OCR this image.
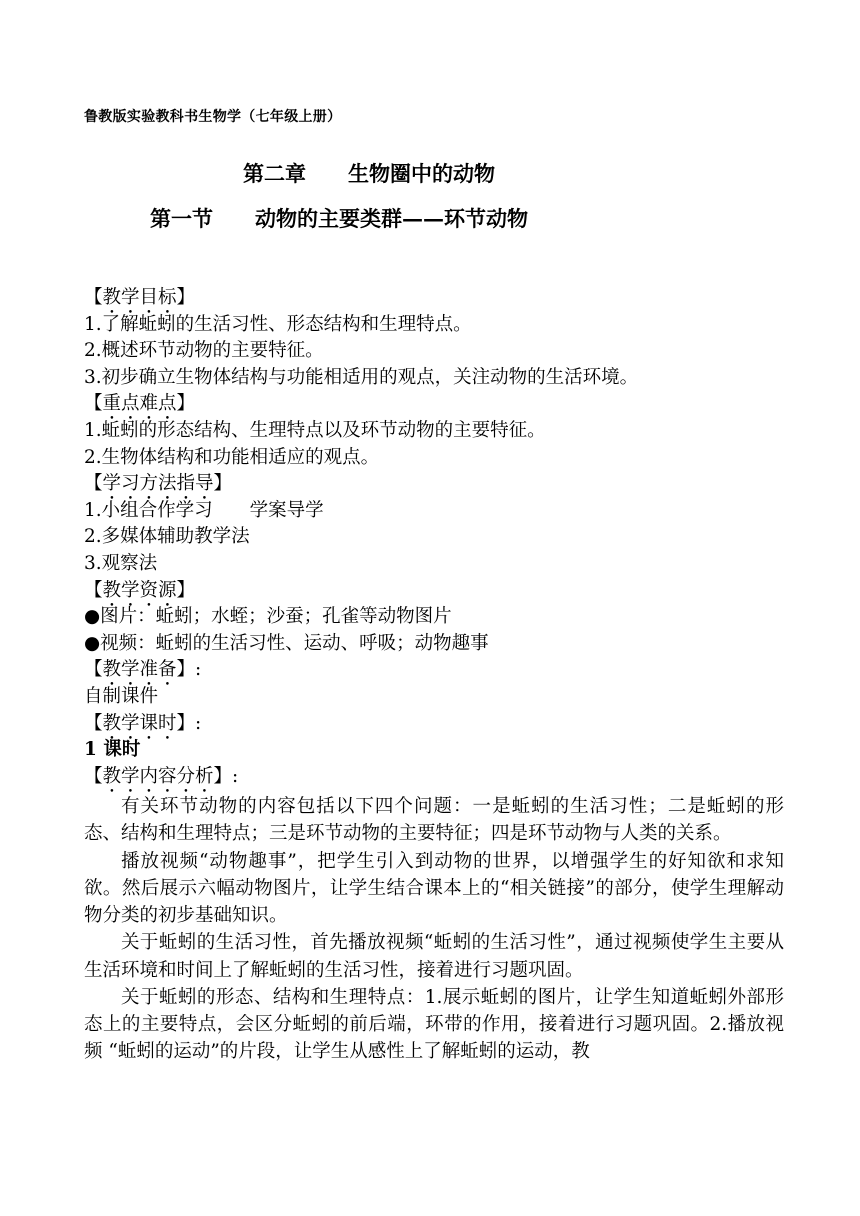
鲁教版实验教科书生物学（七年级上册）
第二章　　生物圈中的动物
第一节　　动物的主要类群——环节动物
【教学目标】
1.了解蚯蚓的生活习性、形态结构和生理特点。
2.概述环节动物的主要特征。
3.初步确立生物体结构与功能相适用的观点，关注动物的生活环境。
【重点难点】
1.蚯蚓的形态结构、生理特点以及环节动物的主要特征。
2.生物体结构和功能相适应的观点。
【学习方法指导】
1.小组合作学习　　学案导学
2.多媒体辅助教学法
3.观察法
【教学资源】
●图片：蚯蚓；水蛭；沙蚕；孔雀等动物图片
●视频：蚯蚓的生活习性、运动、呼吸；动物趣事
【教学准备】:
自制课件
【教学课时】:
1 课时
【教学内容分析】:

有关环节动物的内容包括以下四个问题：一是蚯蚓的生活习性；二是蚯蚓的形态、结构和生理特点；三是环节动物的主要特征；四是环节动物与人类的关系。

播放视频“动物趣事”，把学生引入到动物的世界，以增强学生的好知欲和求知欲。然后展示六幅动物图片，让学生结合课本上的“相关链接”的部分，使学生理解动物分类的初步基础知识。

关于蚯蚓的生活习性，首先播放视频“蚯蚓的生活习性”，通过视频使学生主要从生活环境和时间上了解蚯蚓的生活习性，接着进行习题巩固。

关于蚯蚓的形态、结构和生理特点：1.展示蚯蚓的图片，让学生知道蚯蚓外部形态上的主要特点，会区分蚯蚓的前后端，环带的作用，接着进行习题巩固。2.播放视频 “蚯蚓的运动”的片段，让学生从感性上了解蚯蚓的运动，教
